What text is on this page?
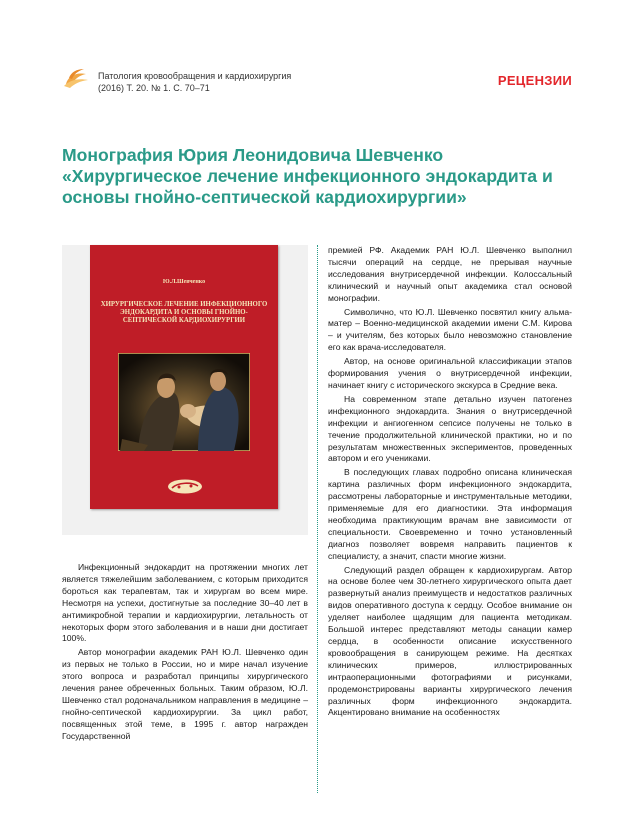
Патология кровообращения и кардиохирургия
(2016) Т. 20. № 1. С. 70–71	РЕЦЕНЗИИ
Монография Юрия Леонидовича Шевченко «Хирургическое лечение инфекционного эндокардита и основы гнойно-септической кардиохирургии»
Ю.Л.Шевченко
ХИРУРГИЧЕСКОЕ ЛЕЧЕНИЕ ИНФЕКЦИОННОГО ЭНДОКАРДИТА И ОСНОВЫ ГНОЙНО-СЕПТИЧЕСКОЙ КАРДИОХИРУРГИИ

Инфекционный эндокардит на протяжении многих лет является тяжелейшим заболеванием, с которым приходится бороться как терапевтам, так и хирургам во всем мире. Несмотря на успехи, достигнутые за последние 30–40 лет в антимикробной терапии и кардиохирургии, летальность от некоторых форм этого заболевания и в наши дни достигает 100%.

Автор монографии академик РАН Ю.Л. Шевченко один из первых не только в России, но и мире начал изучение этого вопроса и разработал принципы хирургического лечения ранее обреченных больных. Таким образом, Ю.Л. Шевченко стал родоначальником направления в медицине – гнойно-септической кардиохирургии. За цикл работ, посвященных этой теме, в 1995 г. автор награжден Государственной

премией РФ. Академик РАН Ю.Л. Шевченко выполнил тысячи операций на сердце, не прерывая научные исследования внутрисердечной инфекции. Колоссальный клинический и научный опыт академика стал основой монографии.

Символично, что Ю.Л. Шевченко посвятил книгу альма-матер – Военно-медицинской академии имени С.М. Кирова – и учителям, без которых было невозможно становление его как врача-исследователя.

Автор, на основе оригинальной классификации этапов формирования учения о внутрисердечной инфекции, начинает книгу с исторического экскурса в Средние века.

На современном этапе детально изучен патогенез инфекционного эндокардита. Знания о внутрисердечной инфекции и ангиогенном сепсисе получены не только в течение продолжительной клинической практики, но и по результатам множественных экспериментов, проведенных автором и его учениками.

В последующих главах подробно описана клиническая картина различных форм инфекционного эндокардита, рассмотрены лабораторные и инструментальные методики, применяемые для его диагностики. Эта информация необходима практикующим врачам вне зависимости от специальности. Своевременно и точно установленный диагноз позволяет вовремя направить пациентов к специалисту, а значит, спасти многие жизни.

Следующий раздел обращен к кардиохирургам. Автор на основе более чем 30-летнего хирургического опыта дает развернутый анализ преимуществ и недостатков различных видов оперативного доступа к сердцу. Особое внимание он уделяет наиболее щадящим для пациента методикам. Большой интерес представляют методы санации камер сердца, в особенности описание искусственного кровообращения в санирующем режиме. На десятках клинических примеров, иллюстрированных интраоперационными фотографиями и рисунками, продемонстрированы варианты хирургического лечения различных форм инфекционного эндокардита. Акцентировано внимание на особенностях
